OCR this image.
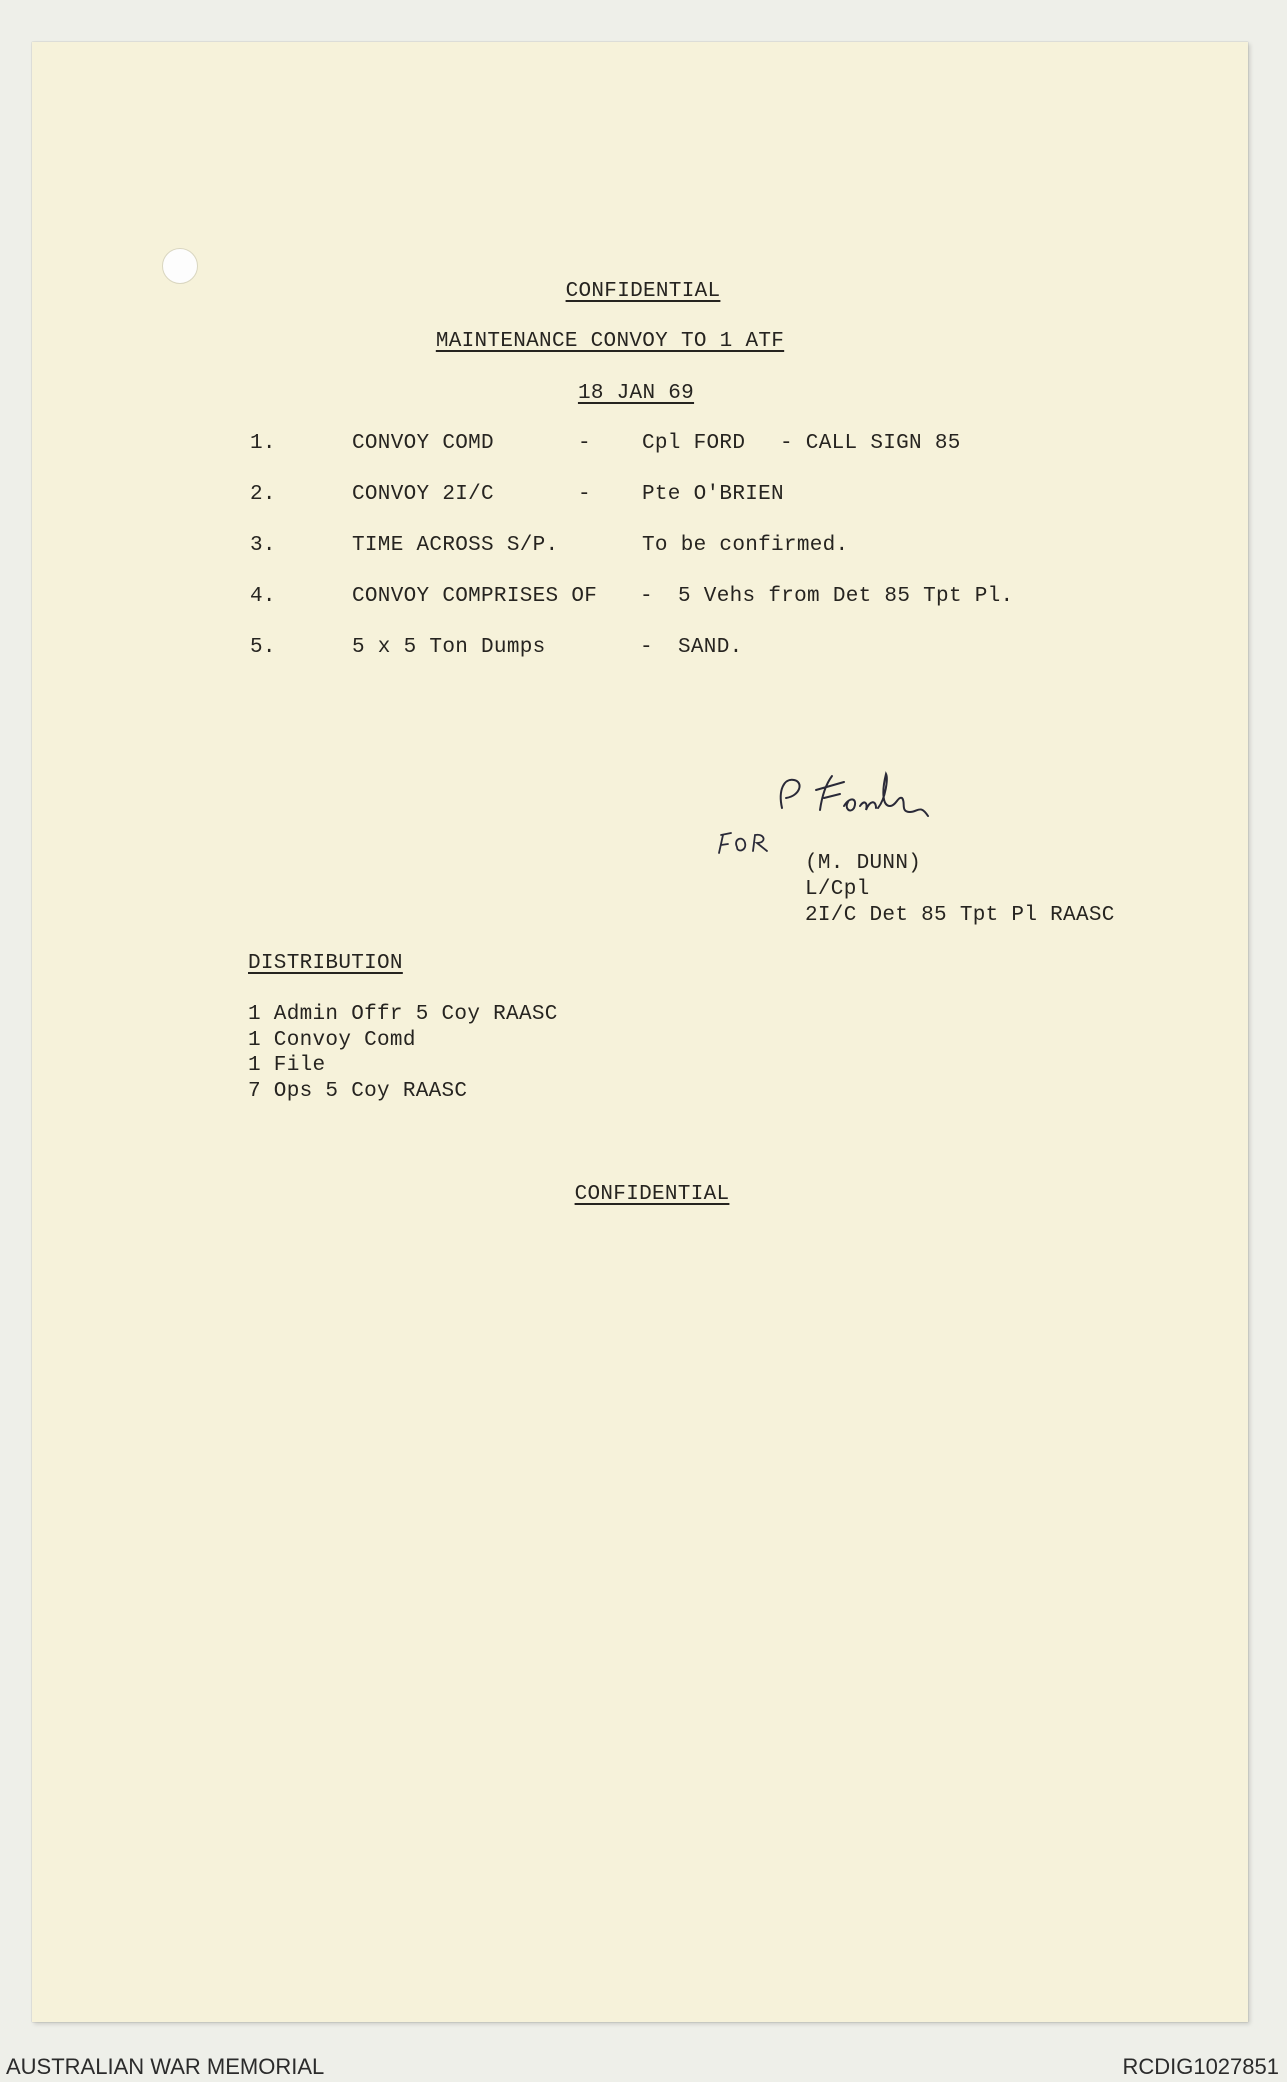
CONFIDENTIAL
MAINTENANCE CONVOY TO 1 ATF
18 JAN 69
1.	CONVOY COMD	- Cpl FORD - CALL SIGN 85
2.	CONVOY 2I/C	- Pte O'BRIEN
3.	TIME ACROSS S/P.	To be confirmed.
4.	CONVOY COMPRISES OF - 5 Vehs from Det 85 Tpt Pl.
5.	5 x 5 Ton Dumps	- SAND.
(M. DUNN)
L/Cpl
2I/C Det 85 Tpt Pl RAASC
DISTRIBUTION
1 Admin Offr 5 Coy RAASC
1 Convoy Comd
1 File
7 Ops 5 Coy RAASC
CONFIDENTIAL
AUSTRALIAN WAR MEMORIAL	RCDIG1027851
